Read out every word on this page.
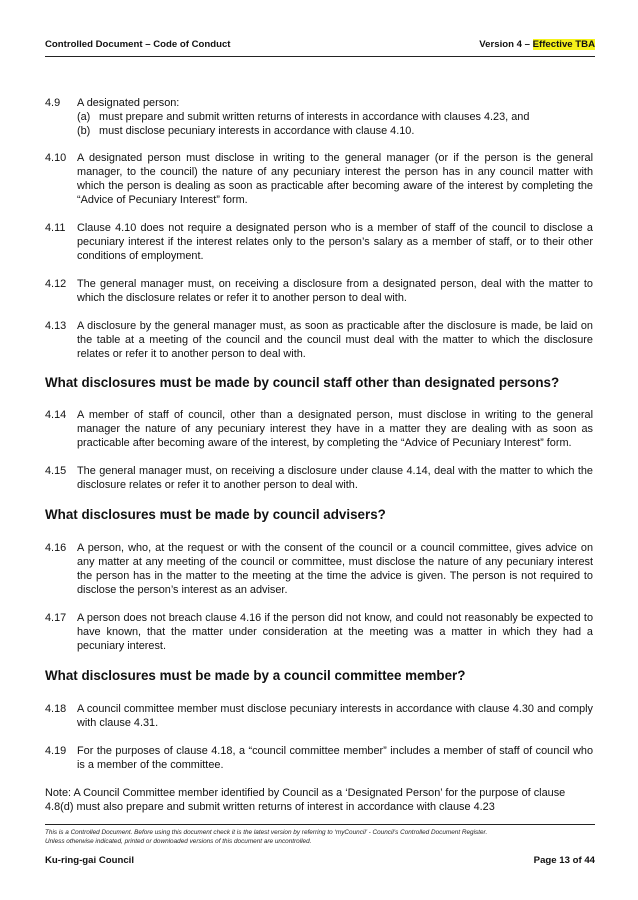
Controlled Document – Code of Conduct	Version 4 – Effective TBA
4.9	A designated person:
(a) must prepare and submit written returns of interests in accordance with clauses 4.23, and
(b) must disclose pecuniary interests in accordance with clause 4.10.
4.10 A designated person must disclose in writing to the general manager (or if the person is the general manager, to the council) the nature of any pecuniary interest the person has in any council matter with which the person is dealing as soon as practicable after becoming aware of the interest by completing the “Advice of Pecuniary Interest” form.
4.11	Clause 4.10 does not require a designated person who is a member of staff of the council to disclose a pecuniary interest if the interest relates only to the person’s salary as a member of staff, or to their other conditions of employment.
4.12 The general manager must, on receiving a disclosure from a designated person, deal with the matter to which the disclosure relates or refer it to another person to deal with.
4.13 A disclosure by the general manager must, as soon as practicable after the disclosure is made, be laid on the table at a meeting of the council and the council must deal with the matter to which the disclosure relates or refer it to another person to deal with.
What disclosures must be made by council staff other than designated persons?
4.14 A member of staff of council, other than a designated person, must disclose in writing to the general manager the nature of any pecuniary interest they have in a matter they are dealing with as soon as practicable after becoming aware of the interest, by completing the “Advice of Pecuniary Interest” form.
4.15 The general manager must, on receiving a disclosure under clause 4.14, deal with the matter to which the disclosure relates or refer it to another person to deal with.
What disclosures must be made by council advisers?
4.16 A person, who, at the request or with the consent of the council or a council committee, gives advice on any matter at any meeting of the council or committee, must disclose the nature of any pecuniary interest the person has in the matter to the meeting at the time the advice is given. The person is not required to disclose the person’s interest as an adviser.
4.17 A person does not breach clause 4.16 if the person did not know, and could not reasonably be expected to have known, that the matter under consideration at the meeting was a matter in which they had a pecuniary interest.
What disclosures must be made by a council committee member?
4.18 A council committee member must disclose pecuniary interests in accordance with clause 4.30 and comply with clause 4.31.
4.19 For the purposes of clause 4.18, a “council committee member” includes a member of staff of council who is a member of the committee.
Note: A Council Committee member identified by Council as a ‘Designated Person’ for the purpose of clause 4.8(d) must also prepare and submit written returns of interest in accordance with clause 4.23
This is a Controlled Document. Before using this document check it is the latest version by referring to ‘myCouncil’ - Council’s Controlled Document Register.
Unless otherwise indicated, printed or downloaded versions of this document are uncontrolled.
Ku-ring-gai Council	Page 13 of 44
